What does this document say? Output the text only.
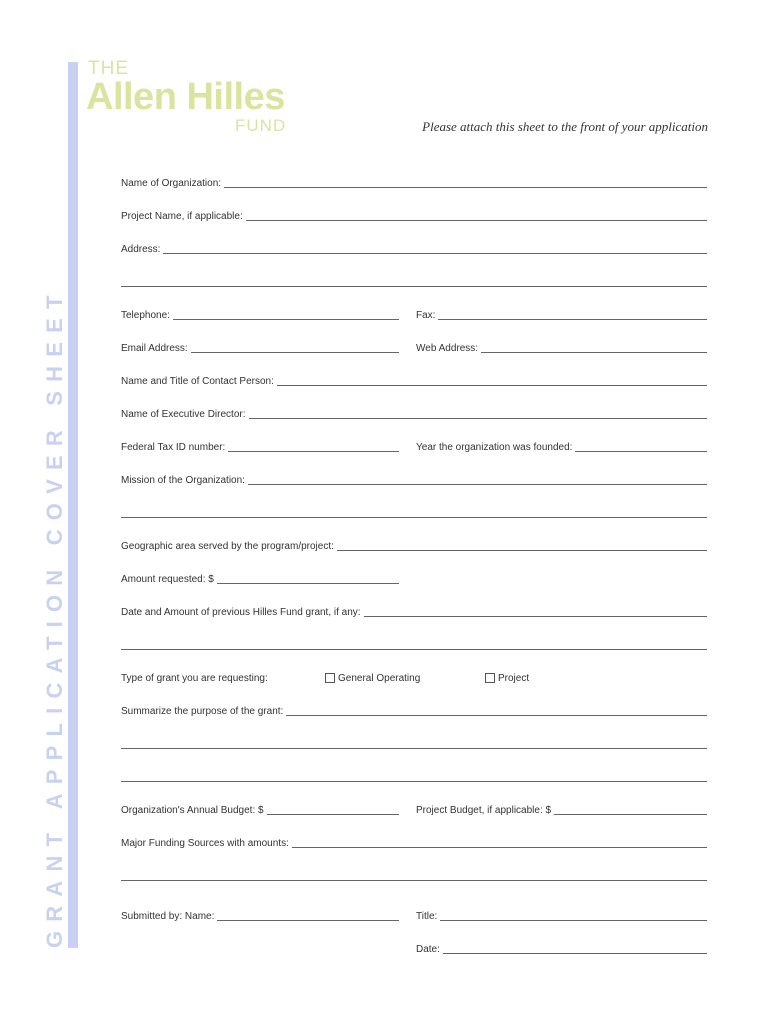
GRANT APPLICATION COVER SHEET
THE
Allen Hilles
FUND	Please attach this sheet to the front of your application
Name of Organization:
Project Name, if applicable:
Address:
Telephone:	Fax:
Email Address:	Web Address:
Name and Title of Contact Person:
Name of Executive Director:
Federal Tax ID number:	Year the organization was founded:
Mission of the Organization:
Geographic area served by the program/project:
Amount requested: $
Date and Amount of previous Hilles Fund grant, if any:
Type of grant you are requesting:	General Operating	Project
Summarize the purpose of the grant:
Organization's Annual Budget: $	Project Budget, if applicable: $
Major Funding Sources with amounts:
Submitted by: Name:	Title:
Date:
